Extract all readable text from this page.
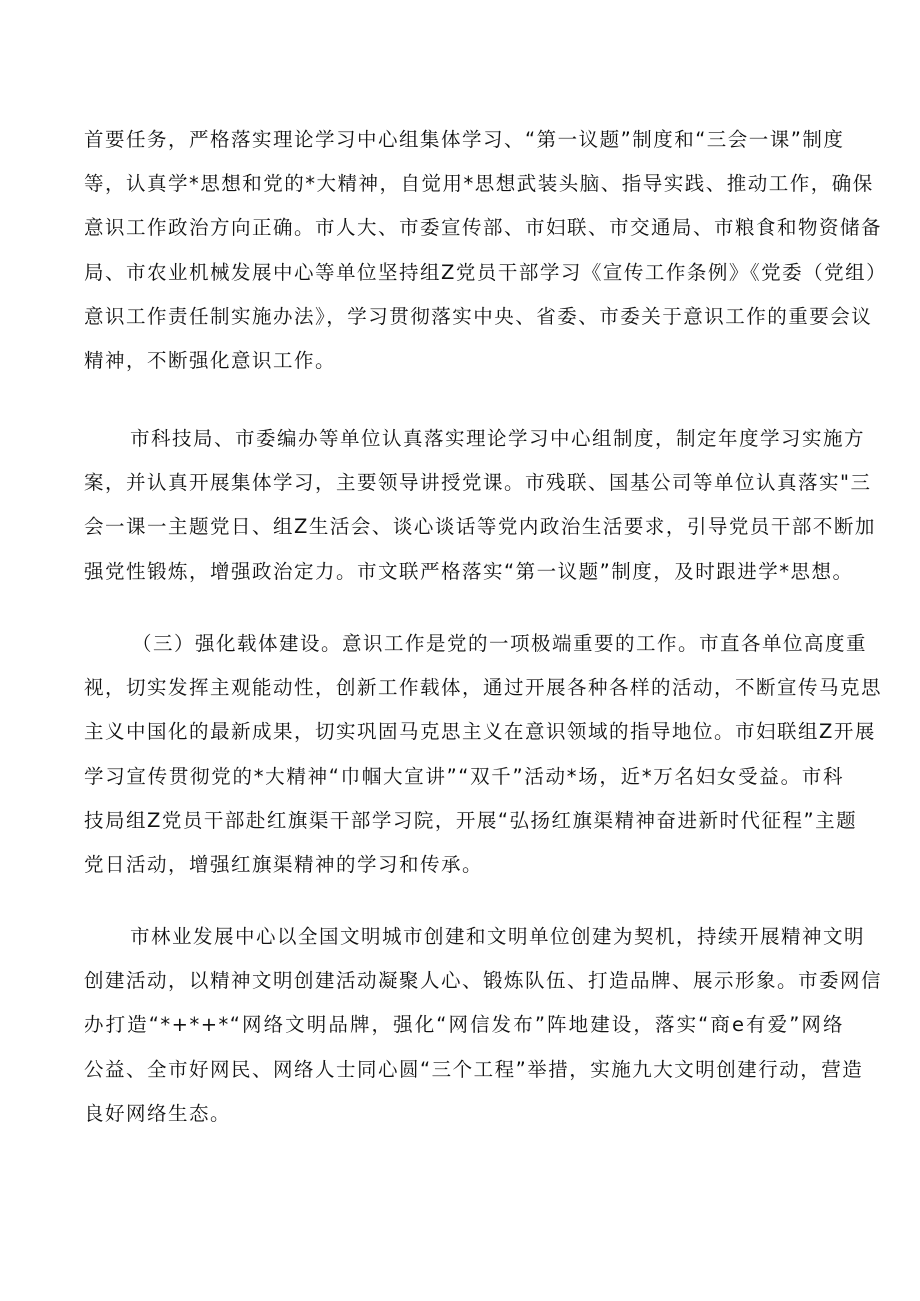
首要任务，严格落实理论学习中心组集体学习、“第一议题”制度和“三会一课”制度
等，认真学*思想和党的*大精神，自觉用*思想武装头脑、指导实践、推动工作，确保
意识工作政治方向正确。市人大、市委宣传部、市妇联、市交通局、市粮食和物资储备
局、市农业机械发展中心等单位坚持组Z党员干部学习《宣传工作条例》《党委（党组）
意识工作责任制实施办法》，学习贯彻落实中央、省委、市委关于意识工作的重要会议
精神，不断强化意识工作。
市科技局、市委编办等单位认真落实理论学习中心组制度，制定年度学习实施方
案，并认真开展集体学习，主要领导讲授党课。市残联、国基公司等单位认真落实"三
会一课一主题党日、组Z生活会、谈心谈话等党内政治生活要求，引导党员干部不断加
强党性锻炼，增强政治定力。市文联严格落实“第一议题”制度，及时跟进学*思想。
（三）强化载体建设。意识工作是党的一项极端重要的工作。市直各单位高度重
视，切实发挥主观能动性，创新工作载体，通过开展各种各样的活动，不断宣传马克思
主义中国化的最新成果，切实巩固马克思主义在意识领域的指导地位。市妇联组Z开展
学习宣传贯彻党的*大精神“巾帼大宣讲”“双千”活动*场，近*万名妇女受益。市科
技局组Z党员干部赴红旗渠干部学习院，开展“弘扬红旗渠精神奋进新时代征程”主题
党日活动，增强红旗渠精神的学习和传承。
市林业发展中心以全国文明城市创建和文明单位创建为契机，持续开展精神文明
创建活动，以精神文明创建活动凝聚人心、锻炼队伍、打造品牌、展示形象。市委网信
办打造“*+*+*“网络文明品牌，强化“网信发布”阵地建设，落实“商e有爱”网络
公益、全市好网民、网络人士同心圆“三个工程”举措，实施九大文明创建行动，营造
良好网络生态。
